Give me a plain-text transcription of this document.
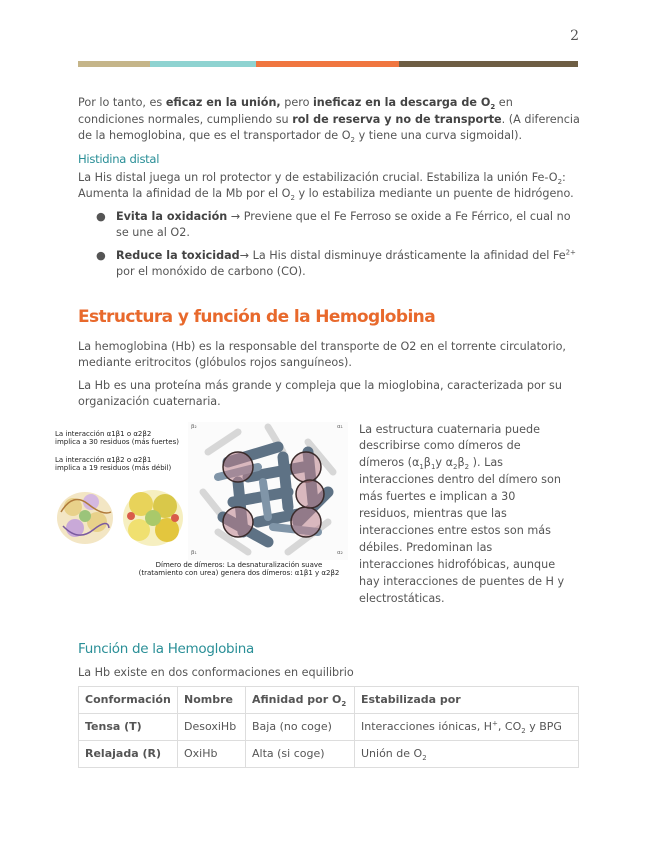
2

Por lo tanto, es eficaz en la unión, pero ineficaz en la descarga de $O_2$ en condiciones normales, cumpliendo su rol de reserva y no de transporte. (A diferencia de la hemoglobina, que es el transportador de $O_2$ y tiene una curva sigmoidal).

Histidina distal

La His distal juega un rol protector y de estabilización crucial. Estabiliza la unión $Fe-O_2$: Aumenta la afinidad de la Mb por el $O_2$ y lo estabiliza mediante un puente de hidrógeno.

● Evita la oxidación → Previene que el Fe Ferroso se oxide a Fe Férrico, el cual no se une al O2.
● Reduce la toxicidad→ La His distal disminuye drásticamente la afinidad del $Fe^{2+}$ por el monóxido de carbono (CO).
Estructura y función de la Hemoglobina

La hemoglobina (Hb) es la responsable del transporte de O2 en el torrente circulatorio, mediante eritrocitos (glóbulos rojos sanguíneos).

La Hb es una proteína más grande y compleja que la mioglobina, caracterizada por su organización cuaternaria.

La interacción α1β1 o α2β2
implica a 30 residuos (más fuertes)
La interacción α1β2 o α2β1
implica a 19 residuos (más débil)
β₂	α₁
β₁	α₂
Dímero de dímeros: La desnaturalización suave
(tratamiento con urea) genera dos dímeros: α1β1 y α2β2
La estructura cuaternaria puede describirse como dímeros de dímeros ($\alpha_1\beta_1y$ $\alpha_2\beta_2$ ). Las interacciones dentro del dímero son más fuertes e implican a 30 residuos, mientras que las interacciones entre estos son más débiles. Predominan las interacciones hidrofóbicas, aunque hay interacciones de puentes de H y electrostáticas.
Función de la Hemoglobina

La Hb existe en dos conformaciones en equilibrio

Conformación	Nombre	Afinidad por $O_2$	Estabilizada por
Tensa (T)	DesoxiHb	Baja (no coge)	Interacciones iónicas, H+, $CO_2$ y BPG
Relajada (R)	OxiHb	Alta (si coge)	Unión de $O_2$
